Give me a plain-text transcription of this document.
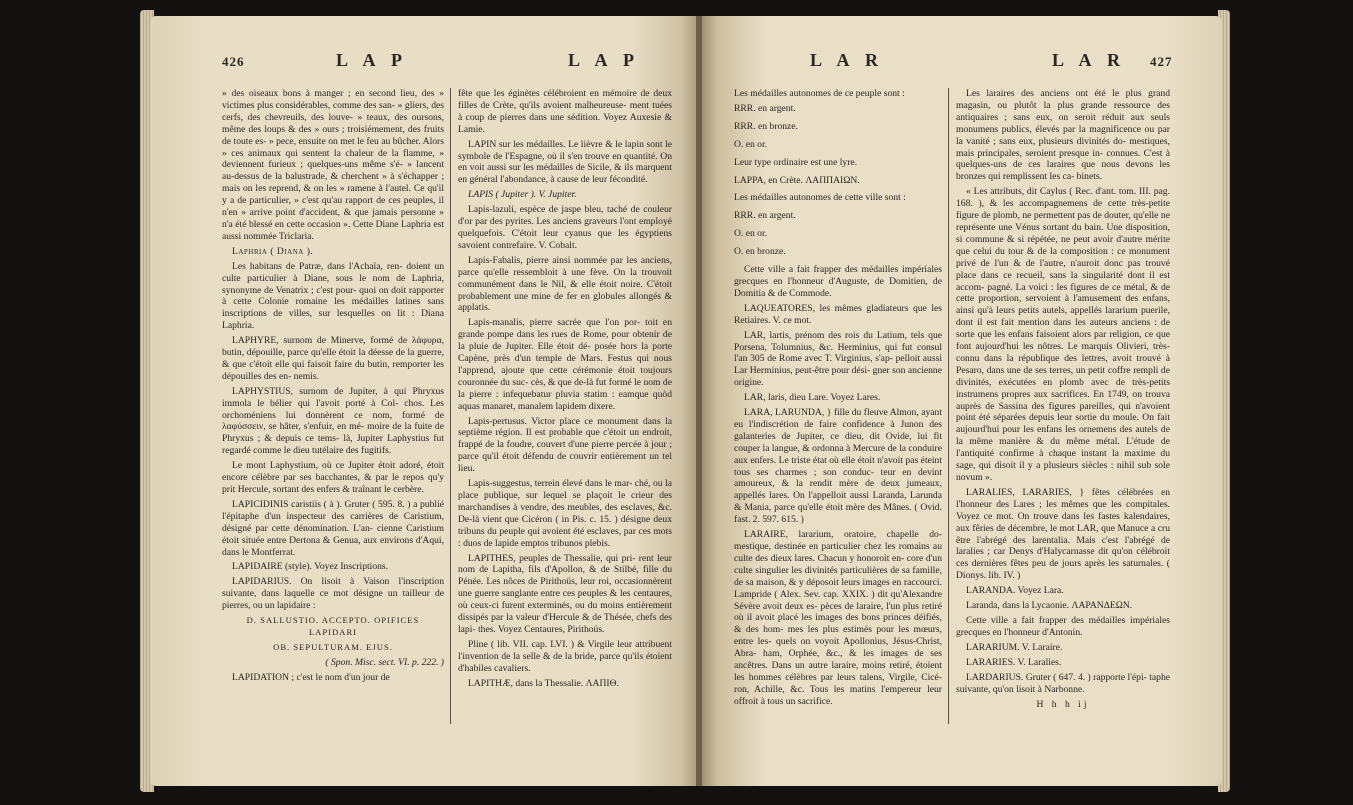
426	L A P	L A P

» des oiseaux bons à manger ; en second lieu, des » victimes plus considérables, comme des san- » gliers, des cerfs, des chevreuils, des louve- » teaux, des oursons, même des loups & des » ours ; troisiémement, des fruits de toute es- » pece, ensuite on met le feu au bûcher. Alors » ces animaux qui sentent la chaleur de la flamme, » deviennent furieux ; quelques-uns même s'é- » lancent au-dessus de la balustrade, & cherchent » à s'échapper ; mais on les reprend, & on les » ramene à l'autel. Ce qu'il y a de particulier, » c'est qu'au rapport de ces peuples, il n'en » arrive point d'accident, & que jamais personne » n'a été blessé en cette occasion ». Cette Diane Laphria est aussi nommée Triclaria.

Laphria ( Diana ).

Les habitans de Patræ, dans l'Achaïa, ren- doient un culte particulier à Diane, sous le nom de Laphria, synonyme de Venatrix ; c'est pour- quoi on doit rapporter à cette Colonie romaine les médailles latines sans inscriptions de villes, sur lesquelles on lit : Diana Laphria.

LAPHYRE, surnom de Minerve, formé de λάφυρα, butin, dépouille, parce qu'elle étoit la déesse de la guerre, & que c'étoit elle qui faisoit faire du butin, remporter les dépouilles des en- nemis.

LAPHYSTIUS, surnom de Jupiter, à qui Phryxus immola le bélier qui l'avoit porté à Col- chos. Les orchoméniens lui donnèrent ce nom, formé de λαφύσσειν, se hâter, s'enfuir, en mé- moire de la fuite de Phryxus ; & depuis ce tems- là, Jupiter Laphystius fut regardé comme le dieu tutélaire des fugitifs.

Le mont Laphystium, où ce Jupiter étoit adoré, étoit encore célèbre par ses bacchantes, & par le repos qu'y prit Hercule, sortant des enfers & traînant le cerbère.

LAPICIDINIS caristiis ( à ). Gruter ( 595. 8. ) a publié l'épitaphe d'un inspecteur des carrières de Caristium, désigné par cette dénomination. L'an- cienne Caristium étoit située entre Dertona & Genua, aux environs d'Aqui, dans le Montferrat.

LAPIDAIRE (style). Voyez Inscriptions.

LAPIDARIUS. On lisoit à Vaison l'inscription suivante, dans laquelle ce mot désigne un tailleur de pierres, ou un lapidaire :

D. SALLUSTIO. ACCEPTO. OPIFICES LAPIDARI

OB. SEPULTURAM. EJUS.

( Spon. Misc. sect. VI. p. 222. )

LAPIDATION ; c'est le nom d'un jour de

fête que les éginètes célébroient en mémoire de deux filles de Crète, qu'ils avoient malheureuse- ment tuées à coup de pierres dans une sédition. Voyez Auxesie & Lamie.

LAPIN sur les médailles. Le lièvre & le lapin sont le symbole de l'Espagne, où il s'en trouve en quantité. On en voit aussi sur les médailles de Sicile, & ils marquent en général l'abondance, à cause de leur fécondité.

LAPIS ( Jupiter ). V. Jupiter.

Lapis-lazuli, espèce de jaspe bleu, taché de couleur d'or par des pyrites. Les anciens graveurs l'ont employé quelquefois. C'étoit leur cyanus que les égyptiens savoient contrefaire. V. Cobalt.

Lapis-Fabalis, pierre ainsi nommée par les anciens, parce qu'elle ressembloit à une fève. On la trouvoit communément dans le Nil, & elle étoit noire. C'étoit probablement une mine de fer en globules allongés & applatis.

Lapis-manalis, pierre sacrée que l'on por- toit en grande pompe dans les rues de Rome, pour obtenir de la pluie de Jupiter. Elle étoit dé- posée hors la porte Capène, près d'un temple de Mars. Festus qui nous l'apprend, ajoute que cette cérémonie étoit toujours couronnée du suc- cès, & que de-là fut formé le nom de la pierre : infequebatur pluvia statim : eamque quòd aquas manaret, manalem lapidem dixere.

Lapis-pertusus. Victor place ce monument dans la septième région. Il est probable que c'étoit un endroit, frappé de la foudre, couvert d'une pierre percée à jour ; parce qu'il étoit défendu de couvrir entièrement un tel lieu.

Lapis-suggestus, terrein élevé dans le mar- ché, ou la place publique, sur lequel se plaçoit le crieur des marchandises à vendre, des meubles, des esclaves, &c. De-là vient que Cicéron ( in Pis. c. 15. ) désigne deux tribuns du peuple qui avoient été esclaves, par ces mots : duos de lapide emptos tribunos plebis.

LAPITHES, peuples de Thessalie, qui pri- rent leur nom de Lapitha, fils d'Apollon, & de Stilbé, fille du Pénée. Les nôces de Pirithoüs, leur roi, occasionnèrent une guerre sanglante entre ces peuples & les centaures, où ceux-ci furent exterminés, ou du moins entièrement dissipés par la valeur d'Hercule & de Thésée, chefs des lapi- thes. Voyez Centaures, Pirithoüs.

Pline ( lib. VII. cap. LVI. ) & Virgile leur attribuent l'invention de la selle & de la bride, parce qu'ils étoient d'habiles cavaliers.

LAPITHÆ, dans la Thessalie. ΛΑΠΙΘ.

L A R	L A R 427

Les médailles autonomes de ce peuple sont :

RRR. en argent.

RRR. en bronze.

O. en or.

Leur type ordinaire est une lyre.

LAPPA, en Crète. ΛΑΠΠΑΙΩΝ.

Les médailles autonomes de cette ville sont :

RRR. en argent.

O. en or.

O. en bronze.

Cette ville a fait frapper des médailles impériales grecques en l'honneur d'Auguste, de Domitien, de Domitia & de Commode.

LAQUEATORES, les mêmes gladiateurs que les Retiaires. V. ce mot.

LAR, lartis, prénom des rois du Latium, tels que Porsena, Tolumnius, &c. Herminius, qui fut consul l'an 305 de Rome avec T. Virginius, s'ap- pelloit aussi Lar Herminius, peut-être pour dési- gner son ancienne origine.

LAR, laris, dieu Lare. Voyez Lares.

LARA, LARUNDA, } fille du fleuve Almon, ayant eu l'indiscrétion de faire confidence à Junon des galanteries de Jupiter, ce dieu, dit Ovide, lui fit couper la langue, & ordonna à Mercure de la conduire aux enfers. Le triste état où elle étoit n'avoit pas éteint tous ses charmes ; son conduc- teur en devint amoureux, & la rendit mère de deux jumeaux, appellés lares. On l'appelloit aussi Laranda, Larunda & Mania, parce qu'elle étoit mère des Mânes. ( Ovid. fast. 2. 597. 615. )

LARAIRE, lararium, oratoire, chapelle do- mestique, destinée en particulier chez les romains au culte des dieux lares. Chacun y honoroit en- core d'un culte singulier les divinités particulières de sa famille, de sa maison, & y déposoit leurs images en raccourci. Lampride ( Alex. Sev. cap. XXIX. ) dit qu'Alexandre Sévère avoit deux es- pèces de laraire, l'un plus retiré où il avoit placé les images des bons princes déifiés, & des hom- mes les plus estimés pour les mœurs, entre les- quels on voyoit Apollonius, Jésus-Christ, Abra- ham, Orphée, &c., & les images de ses ancêtres. Dans un autre laraire, moins retiré, étoient les hommes célèbres par leurs talens, Virgile, Cicé- ron, Achille, &c. Tous les matins l'empereur leur offroit à tous un sacrifice.

Les laraires des anciens ont été le plus grand magasin, ou plutôt la plus grande ressource des antiquaires ; sans eux, on seroit réduit aux seuls monumens publics, élevés par la magnificence ou par la vanité ; sans eux, plusieurs divinités do- mestiques, mais principales, seroient presque in- connues. C'est à quelques-uns de ces laraires que nous devons les bronzes qui remplissent les ca- binets.

« Les attributs, dit Caylus ( Rec. d'ant. tom. III. pag. 168. ), & les accompagnemens de cette très-petite figure de plomb, ne permettent pas de douter, qu'elle ne représente une Vénus sortant du bain. Une disposition, si commune & si répétée, ne peut avoir d'autre mérite que celui du tour & de la composition : ce monument privé de l'un & de l'autre, n'auroit donc pas trouvé place dans ce recueil, sans la singularité dont il est accom- pagné. La voici : les figures de ce métal, & de cette proportion, servoient à l'amusement des enfans, ainsi qu'à leurs petits autels, appellés lararium puerile, dont il est fait mention dans les auteurs anciens : de sorte que les enfans faisoient alors par religion, ce que font aujourd'hui les nôtres. Le marquis Olivieri, très-connu dans la république des lettres, avoit trouvé à Pesaro, dans une de ses terres, un petit coffre rempli de divinités, exécutées en plomb avec de très-petits instrumens propres aux sacrifices. En 1749, on trouva auprès de Sassina des figures pareilles, qui n'avoient point été séparées depuis leur sortie du moule. On fait aujourd'hui pour les enfans les ornemens des autels de la même manière & du même métal. L'étude de l'antiquité confirme à chaque instant la maxime du sage, qui disoit il y a plusieurs siècles : nihil sub sole novum ».

LARALIES, LARARIES, } fêtes célébrées en l'honneur des Lares ; les mêmes que les compitales. Voyez ce mot. On trouve dans les fastes kalendaires, aux fêries de décembre, le mot LAR, que Manuce a cru être l'abrégé des larentalia. Mais c'est l'abrégé de laralies ; car Denys d'Halycarnasse dit qu'on célébroit ces dernières fêtes peu de jours après les saturnales. ( Dionys. lib. IV. )

LARANDA. Voyez Lara.

Laranda, dans la Lycaonie. ΛΑΡΑΝΔΕΩΝ.

Cette ville a fait frapper des médailles impériales grecques en l'honneur d'Antonin.

LARARIUM. V. Laraire.

LARARIES. V. Laralies.

LARDARIUS. Gruter ( 647. 4. ) rapporte l'épi- taphe suivante, qu'on lisoit à Narbonne.

H h h ij
